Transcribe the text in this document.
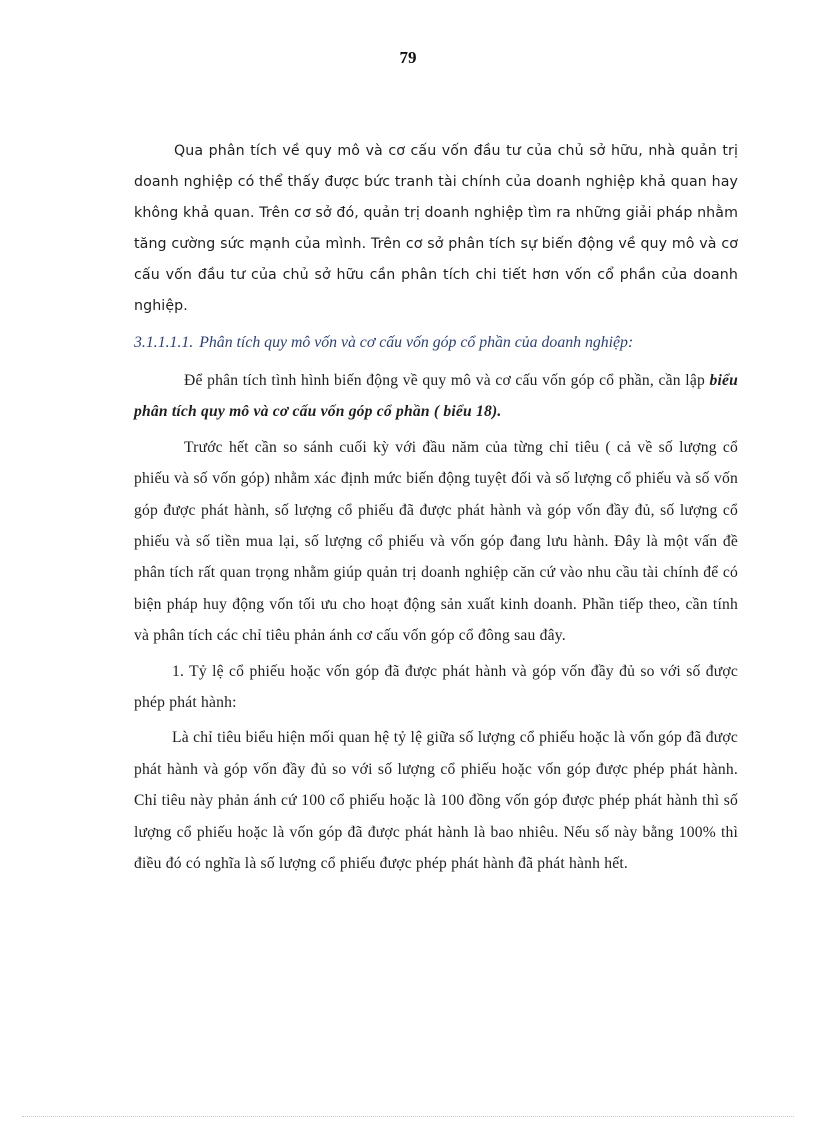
79

Qua phân tích về quy mô và cơ cấu vốn đầu tư của chủ sở hữu, nhà quản trị doanh nghiệp có thể thấy được bức tranh tài chính của doanh nghiệp khả quan hay không khả quan. Trên cơ sở đó, quản trị doanh nghiệp tìm ra những giải pháp nhằm tăng cường sức mạnh của mình. Trên cơ sở phân tích sự biến động về quy mô và cơ cấu vốn đầu tư của chủ sở hữu cần phân tích chi tiết hơn vốn cổ phần của doanh nghiệp.

3.1.1.1.1. Phân tích quy mô vốn và cơ cấu vốn góp cổ phần của doanh nghiệp:

Để phân tích tình hình biến động về quy mô và cơ cấu vốn góp cổ phần, cần lập biểu phân tích quy mô và cơ cấu vốn góp cổ phần ( biểu 18).

Trước hết cần so sánh cuối kỳ với đầu năm của từng chỉ tiêu ( cả về số lượng cổ phiếu và số vốn góp) nhằm xác định mức biến động tuyệt đối và số lượng cổ phiếu và số vốn góp được phát hành, số lượng cổ phiếu đã được phát hành và góp vốn đầy đủ, số lượng cổ phiếu và số tiền mua lại, số lượng cổ phiếu và vốn góp đang lưu hành. Đây là một vấn đề phân tích rất quan trọng nhằm giúp quản trị doanh nghiệp căn cứ vào nhu cầu tài chính để có biện pháp huy động vốn tối ưu cho hoạt động sản xuất kinh doanh. Phần tiếp theo, cần tính và phân tích các chỉ tiêu phản ánh cơ cấu vốn góp cổ đông sau đây.

1. Tỷ lệ cổ phiếu hoặc vốn góp đã được phát hành và góp vốn đầy đủ so với số được phép phát hành:

Là chỉ tiêu biểu hiện mối quan hệ tỷ lệ giữa số lượng cổ phiếu hoặc là vốn góp đã được phát hành và góp vốn đầy đủ so với số lượng cổ phiếu hoặc vốn góp được phép phát hành. Chỉ tiêu này phản ánh cứ 100 cổ phiếu hoặc là 100 đồng vốn góp được phép phát hành thì số lượng cổ phiếu hoặc là vốn góp đã được phát hành là bao nhiêu. Nếu số này bằng 100% thì điều đó có nghĩa là số lượng cổ phiếu được phép phát hành đã phát hành hết.
